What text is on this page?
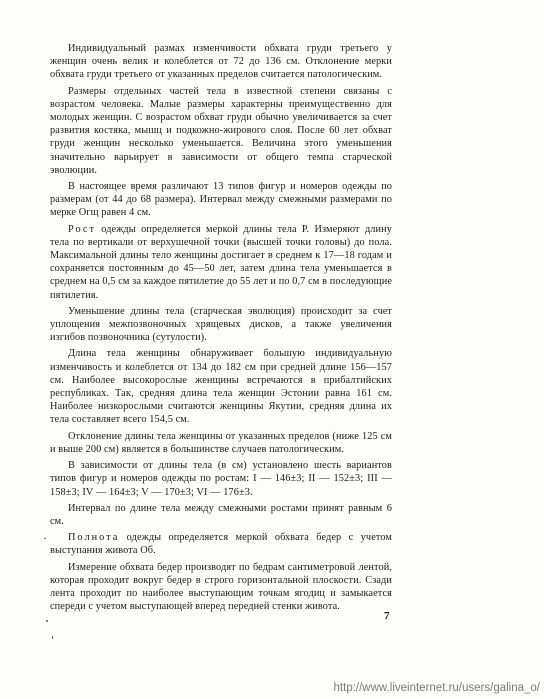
Индивидуальный размах изменчивости обхвата груди третьего у женщин очень велик и колеблется от 72 до 136 см. Отклонение мерки обхвата груди третьего от указанных пределов считается патологическим.

Размеры отдельных частей тела в известной степени связаны с возрастом человека. Малые размеры характерны преимущественно для молодых женщин. С возрастом обхват груди обычно увеличивается за счет развития костяка, мышц и подкожно-жирового слоя. После 60 лет обхват груди женщин несколько уменьшается. Величина этого уменьшения значительно варьирует в зависимости от общего темпа старческой эволюции.

В настоящее время различают 13 типов фигур и номеров одежды по размерам (от 44 до 68 размера). Интервал между смежными размерами по мерке Oгщ равен 4 см.

Рост одежды определяется меркой длины тела Р. Измеряют длину тела по вертикали от верхушечной точки (высшей точки головы) до пола. Максимальной длины тело женщины достигает в среднем к 17—18 годам и сохраняется постоянным до 45—50 лет, затем длина тела уменьшается в среднем на 0,5 см за каждое пятилетие до 55 лет и по 0,7 см в последующие пятилетия.

Уменьшение длины тела (старческая эволюция) происходит за счет уплощения межпозвоночных хрящевых дисков, а также увеличения изгибов позвоночника (сутулости).

Длина тела женщины обнаруживает большую индивидуальную изменчивость и колеблется от 134 до 182 см при средней длине 156—157 см. Наиболее высокорослые женщины встречаются в прибалтийских республиках. Так, средняя длина тела женщин Эстонии равна 161 см. Наиболее низкорослыми считаются женщины Якутии, средняя длина их тела составляет всего 154,5 см.

Отклонение длины тела женщины от указанных пределов (ниже 125 см и выше 200 см) является в большинстве случаев патологическим.

В зависимости от длины тела (в см) установлено шесть вариантов типов фигур и номеров одежды по ростам: I — 146±3; II — 152±3; III — 158±3; IV — 164±3; V — 170±3; VI — 176±3.

Интервал по длине тела между смежными ростами принят равным 6 см.

Полнота одежды определяется меркой обхвата бедер с учетом выступания живота Oб.

Измерение обхвата бедер производят по бедрам сантиметровой лентой, которая проходит вокруг бедер в строго горизонтальной плоскости. Сзади лента проходит по наиболее выступающим точкам ягодиц и замыкается спереди с учетом выступающей вперед передней стенки живота.

7
http://www.liveinternet.ru/users/galina_o/
